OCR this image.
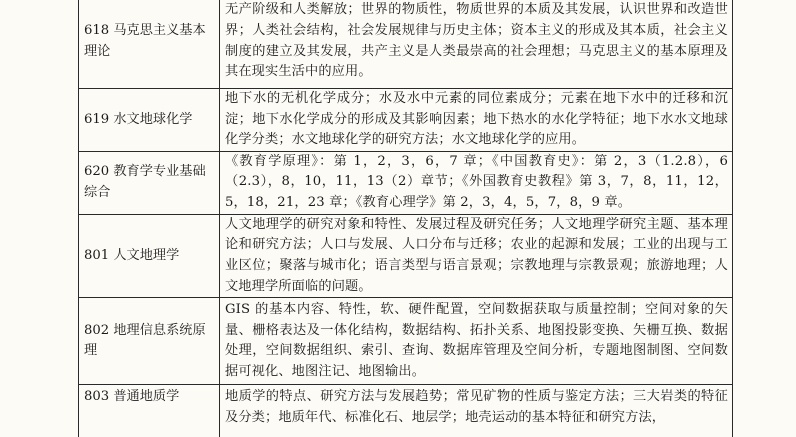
618 马克思主义基本理论	无产阶级和人类解放；世界的物质性，物质世界的本质及其发展，认识世界和改造世界；人类社会结构，社会发展规律与历史主体；资本主义的形成及其本质，社会主义制度的建立及其发展，共产主义是人类最崇高的社会理想；马克思主义的基本原理及其在现实生活中的应用。
619 水文地球化学	地下水的无机化学成分；水及水中元素的同位素成分；元素在地下水中的迁移和沉淀；地下水化学成分的形成及其影响因素；地下热水的水化学特征；地下水水文地球化学分类；水文地球化学的研究方法；水文地球化学的应用。
620 教育学专业基础综合	《教育学原理》：第 1，2，3，6，7 章；《中国教育史》：第 2，3（1.2.8），6（2.3），8，10，11，13（2）章节；《外国教育史教程》第 3，7，8，11，12，5，18，21，23 章；《教育心理学》第 2，3，4，5，7，8，9 章。
801 人文地理学	人文地理学的研究对象和特性、发展过程及研究任务；人文地理学研究主题、基本理论和研究方法；人口与发展、人口分布与迁移；农业的起源和发展；工业的出现与工业区位；聚落与城市化；语言类型与语言景观；宗教地理与宗教景观；旅游地理；人文地理学所面临的问题。
802 地理信息系统原理	GIS 的基本内容、特性，软、硬件配置，空间数据获取与质量控制；空间对象的矢量、栅格表达及一体化结构，数据结构、拓扑关系、地图投影变换、矢栅互换、数据处理，空间数据组织、索引、查询、数据库管理及空间分析，专题地图制图、空间数据可视化、地图注记、地图输出。
803 普通地质学	地质学的特点、研究方法与发展趋势；常见矿物的性质与鉴定方法；三大岩类的特征及分类；地质年代、标准化石、地层学；地壳运动的基本特征和研究方法，
